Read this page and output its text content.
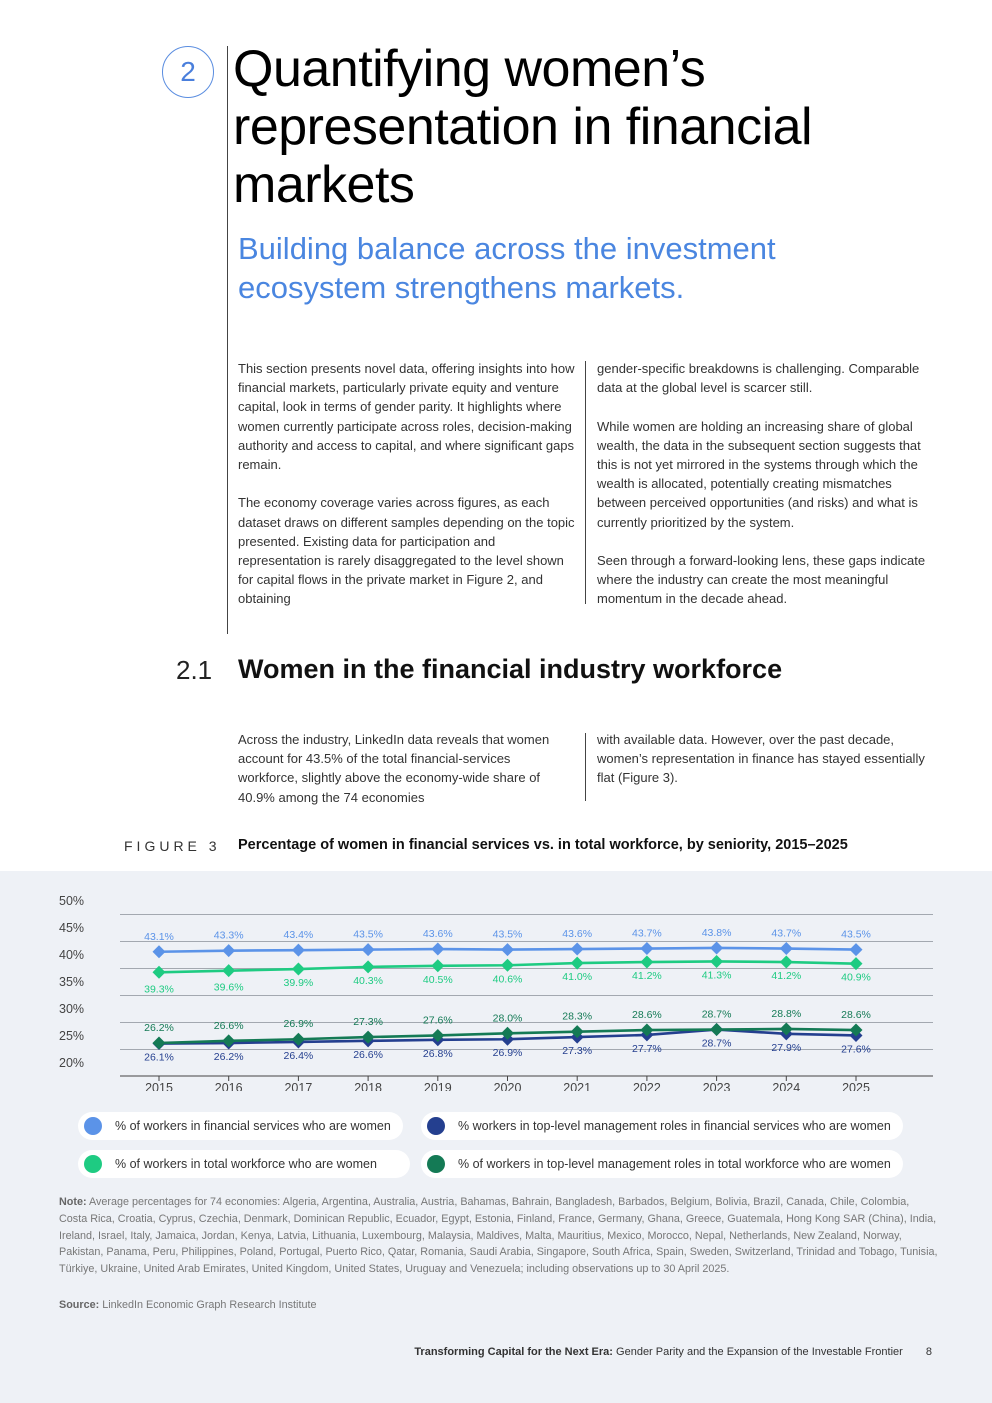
2 Quantifying women’s representation in financial markets
Building balance across the investment ecosystem strengthens markets.

This section presents novel data, offering insights into how financial markets, particularly private equity and venture capital, look in terms of gender parity. It highlights where women currently participate across roles, decision-making authority and access to capital, and where significant gaps remain.

The economy coverage varies across figures, as each dataset draws on different samples depending on the topic presented. Existing data for participation and representation is rarely disaggregated to the level shown for capital flows in the private market in Figure 2, and obtaining

gender-specific breakdowns is challenging. Comparable data at the global level is scarcer still.

While women are holding an increasing share of global wealth, the data in the subsequent section suggests that this is not yet mirrored in the systems through which the wealth is allocated, potentially creating mismatches between perceived opportunities (and risks) and what is currently prioritized by the system.

Seen through a forward-looking lens, these gaps indicate where the industry can create the most meaningful momentum in the decade ahead.

2.1 Women in the financial industry workforce

Across the industry, LinkedIn data reveals that women account for 43.5% of the total financial-services workforce, slightly above the economy-wide share of 40.9% among the 74 economies

with available data. However, over the past decade, women’s representation in finance has stayed essentially flat (Figure 3).

FIGURE 3 Percentage of women in financial services vs. in total workforce, by seniority, 2015–2025
20%
25%
30%
35%
40%
45%
50%
2015	2016	2017	2018	2019	2020	2021	2022	2023	2024	2025
43.1%	43.3%	43.4%	43.5%	43.6%	43.5%	43.6%	43.7%	43.8%	43.7%	43.5%
39.3%	39.6%	39.9%	40.3%	40.5%	40.6%	41.0%	41.2%	41.3%	41.2%	40.9%
26.1%	26.2%	26.4%	26.6%	26.8%	26.9%	27.3%	27.7%	28.7%	27.9%	27.6%
26.2%	26.6%	26.9%	27.3%	27.6%	28.0%	28.3%	28.6%	28.7%	28.8%	28.6%
% of workers in financial services who are women	% workers in top-level management roles in financial services who are women
% of workers in total workforce who are women	% of workers in top-level management roles in total workforce who are women
Note: Average percentages for 74 economies: Algeria, Argentina, Australia, Austria, Bahamas, Bahrain, Bangladesh, Barbados, Belgium, Bolivia, Brazil, Canada, Chile, Colombia, Costa Rica, Croatia, Cyprus, Czechia, Denmark, Dominican Republic, Ecuador, Egypt, Estonia, Finland, France, Germany, Ghana, Greece, Guatemala, Hong Kong SAR (China), India, Ireland, Israel, Italy, Jamaica, Jordan, Kenya, Latvia, Lithuania, Luxembourg, Malaysia, Maldives, Malta, Mauritius, Mexico, Morocco, Nepal, Netherlands, New Zealand, Norway, Pakistan, Panama, Peru, Philippines, Poland, Portugal, Puerto Rico, Qatar, Romania, Saudi Arabia, Singapore, South Africa, Spain, Sweden, Switzerland, Trinidad and Tobago, Tunisia, Türkiye, Ukraine, United Arab Emirates, United Kingdom, United States, Uruguay and Venezuela; including observations up to 30 April 2025.
Source: LinkedIn Economic Graph Research Institute
Transforming Capital for the Next Era: Gender Parity and the Expansion of the Investable Frontier 8
